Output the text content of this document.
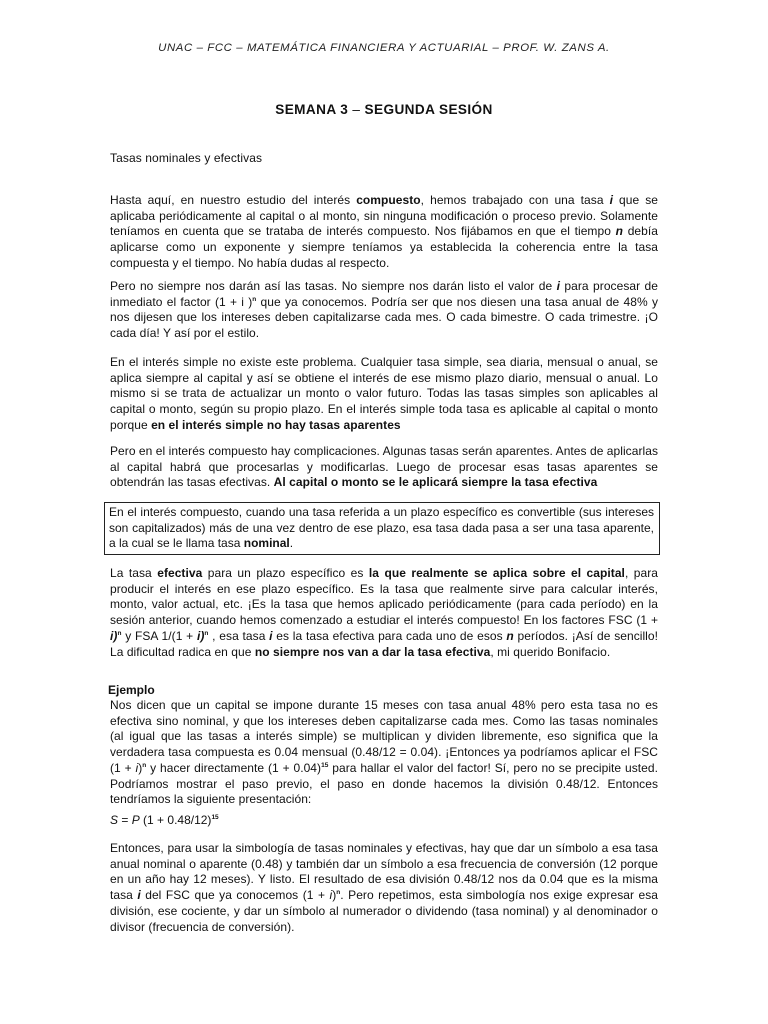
UNAC – FCC – MATEMÁTICA FINANCIERA Y ACTUARIAL – PROF. W. ZANS A.
SEMANA 3 – SEGUNDA SESIÓN
Tasas nominales y efectivas
Hasta aquí, en nuestro estudio del interés compuesto, hemos trabajado con una tasa i que se aplicaba periódicamente al capital o al monto, sin ninguna modificación o proceso previo. Solamente teníamos en cuenta que se trataba de interés compuesto. Nos fijábamos en que el tiempo n debía aplicarse como un exponente y siempre teníamos ya establecida la coherencia entre la tasa compuesta y el tiempo. No había dudas al respecto.
Pero no siempre nos darán así las tasas. No siempre nos darán listo el valor de i para procesar de inmediato el factor (1 + i )$^n$ que ya conocemos. Podría ser que nos diesen una tasa anual de 48% y nos dijesen que los intereses deben capitalizarse cada mes. O cada bimestre. O cada trimestre. ¡O cada día! Y así por el estilo.
En el interés simple no existe este problema. Cualquier tasa simple, sea diaria, mensual o anual, se aplica siempre al capital y así se obtiene el interés de ese mismo plazo diario, mensual o anual. Lo mismo si se trata de actualizar un monto o valor futuro. Todas las tasas simples son aplicables al capital o monto, según su propio plazo. En el interés simple toda tasa es aplicable al capital o monto porque en el interés simple no hay tasas aparentes
Pero en el interés compuesto hay complicaciones. Algunas tasas serán aparentes. Antes de aplicarlas al capital habrá que procesarlas y modificarlas. Luego de procesar esas tasas aparentes se obtendrán las tasas efectivas. Al capital o monto se le aplicará siempre la tasa efectiva
En el interés compuesto, cuando una tasa referida a un plazo específico es convertible (sus intereses son capitalizados) más de una vez dentro de ese plazo, esa tasa dada pasa a ser una tasa aparente, a la cual se le llama tasa nominal.
La tasa efectiva para un plazo específico es la que realmente se aplica sobre el capital, para producir el interés en ese plazo específico. Es la tasa que realmente sirve para calcular interés, monto, valor actual, etc. ¡Es la tasa que hemos aplicado periódicamente (para cada período) en la sesión anterior, cuando hemos comenzado a estudiar el interés compuesto! En los factores FSC $(1 + i)^n$ y FSA $1/(1 + i)^n$ , esa tasa i es la tasa efectiva para cada uno de esos n períodos. ¡Así de sencillo! La dificultad radica en que no siempre nos van a dar la tasa efectiva, mi querido Bonifacio.
Ejemplo
Nos dicen que un capital se impone durante 15 meses con tasa anual 48% pero esta tasa no es efectiva sino nominal, y que los intereses deben capitalizarse cada mes. Como las tasas nominales (al igual que las tasas a interés simple) se multiplican y dividen libremente, eso significa que la verdadera tasa compuesta es 0.04 mensual (0.48/12 = 0.04). ¡Entonces ya podríamos aplicar el FSC $(1 + i)^n$ y hacer directamente $(1 + 0.04)^{15}$ para hallar el valor del factor! Sí, pero no se precipite usted. Podríamos mostrar el paso previo, el paso en donde hacemos la división 0.48/12. Entonces tendríamos la siguiente presentación:
S = P $(1 + 0.48/12)^{15}$
Entonces, para usar la simbología de tasas nominales y efectivas, hay que dar un símbolo a esa tasa anual nominal o aparente (0.48) y también dar un símbolo a esa frecuencia de conversión (12 porque en un año hay 12 meses). Y listo. El resultado de esa división 0.48/12 nos da 0.04 que es la misma tasa i del FSC que ya conocemos $(1 + i)^n$. Pero repetimos, esta simbología nos exige expresar esa división, ese cociente, y dar un símbolo al numerador o dividendo (tasa nominal) y al denominador o divisor (frecuencia de conversión).
